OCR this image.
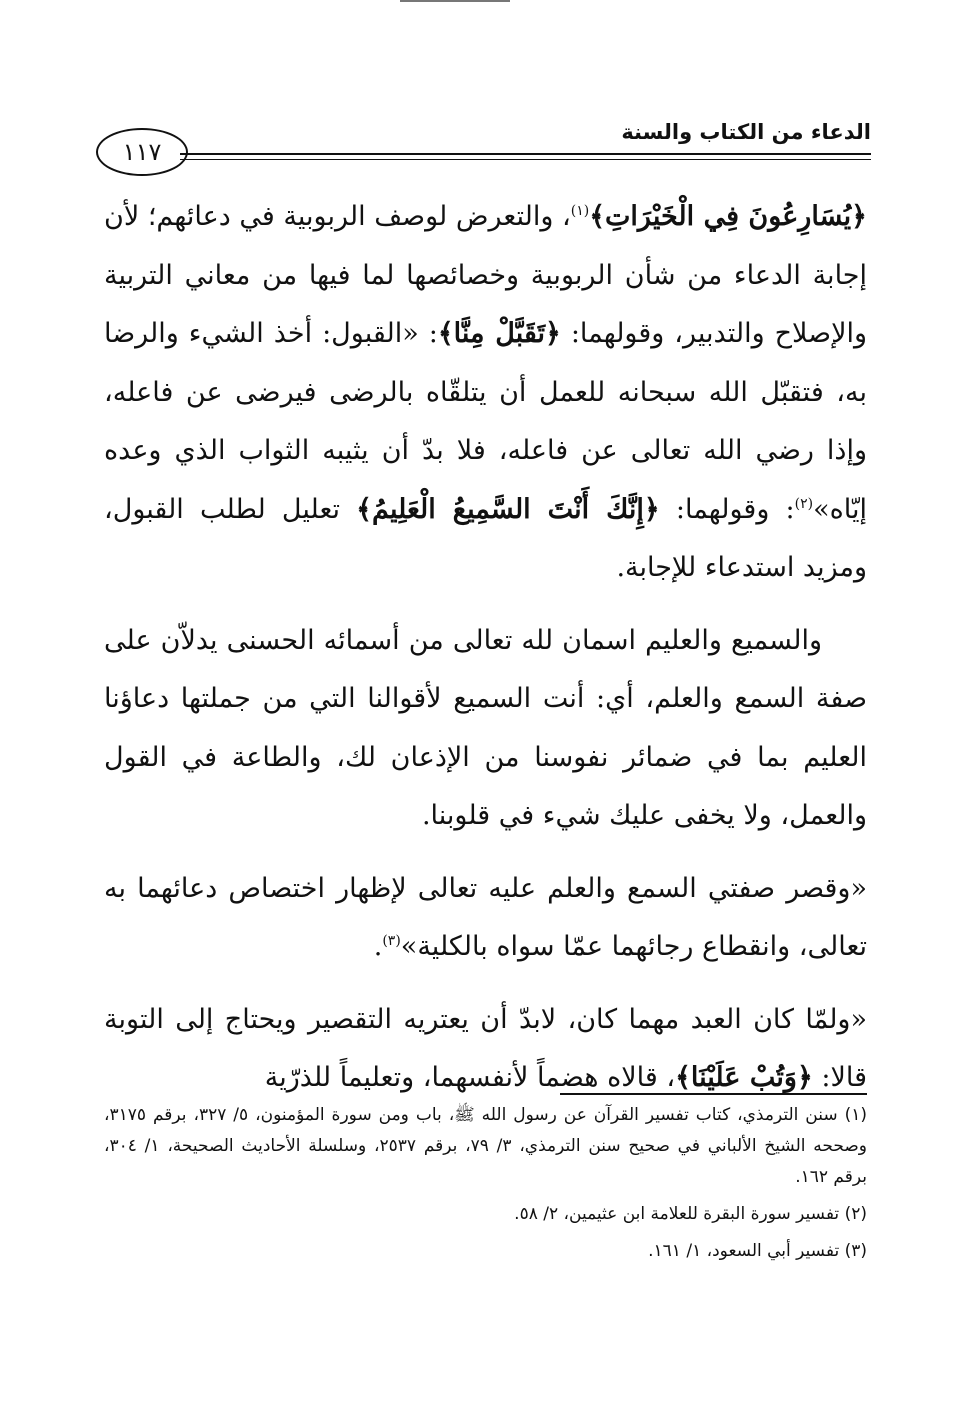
الدعاء من الكتاب والسنة
١١٧

﴿يُسَارِعُونَ فِي الْخَيْرَاتِ﴾$^{(١)}$، والتعرض لوصف الربوبية في دعائهم؛ لأن إجابة الدعاء من شأن الربوبية وخصائصها لما فيها من معاني التربية والإصلاح والتدبير، وقولهما: ﴿تَقَبَّلْ مِنَّا﴾: «القبول: أخذ الشيء والرضا به، فتقبّل الله سبحانه للعمل أن يتلقّاه بالرضى فيرضى عن فاعله، وإذا رضي الله تعالى عن فاعله، فلا بدّ أن يثيبه الثواب الذي وعده إيّاه»$^{(٢)}$: وقولهما: ﴿إِنَّكَ أَنْتَ السَّمِيعُ الْعَلِيمُ﴾ تعليل لطلب القبول، ومزيد استدعاء للإجابة.

والسميع والعليم اسمان لله تعالى من أسمائه الحسنى يدلاّن على صفة السمع والعلم، أي: أنت السميع لأقوالنا التي من جملتها دعاؤنا العليم بما في ضمائر نفوسنا من الإذعان لك، والطاعة في القول والعمل، ولا يخفى عليك شيء في قلوبنا.

«وقصر صفتي السمع والعلم عليه تعالى لإظهار اختصاص دعائهما به تعالى، وانقطاع رجائهما عمّا سواه بالكلية»$^{(٣)}$.

«ولمّا كان العبد مهما كان، لابدّ أن يعتريه التقصير ويحتاج إلى التوبة قالا: ﴿وَتُبْ عَلَيْنَا﴾، قالاه هضماً لأنفسهما، وتعليماً للذرّية

(١) سنن الترمذي، كتاب تفسير القرآن عن رسول الله ﷺ، باب ومن سورة المؤمنون، ٥/ ٣٢٧، برقم ٣١٧٥، وصححه الشيخ الألباني في صحيح سنن الترمذي، ٣/ ٧٩، برقم ٢٥٣٧، وسلسلة الأحاديث الصحيحة، ١/ ٣٠٤، برقم ١٦٢.

(٢) تفسير سورة البقرة للعلامة ابن عثيمين، ٢/ ٥٨.

(٣) تفسير أبي السعود، ١/ ١٦١.
